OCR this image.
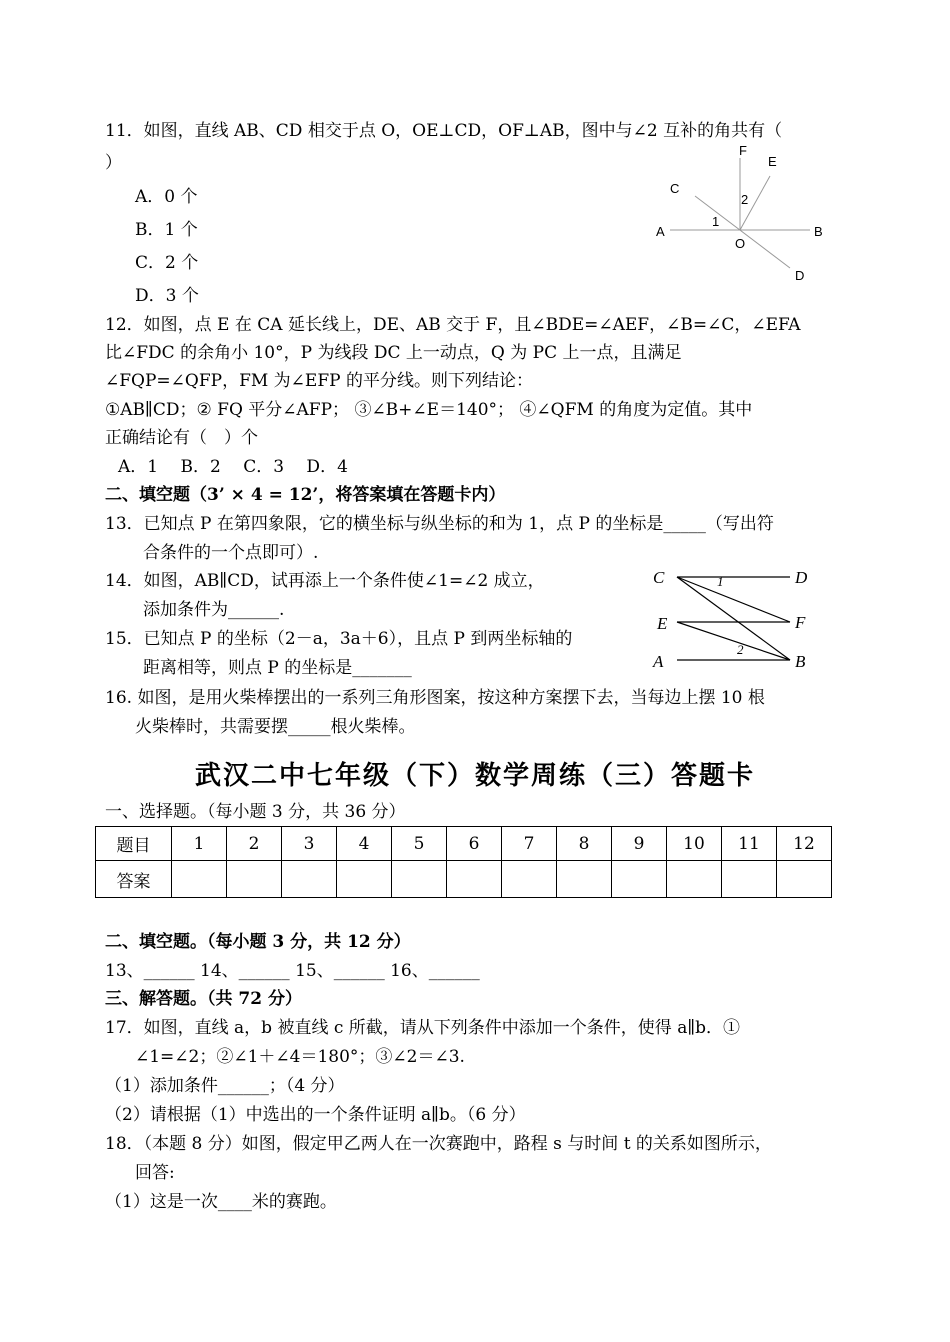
11．如图，直线 AB、CD 相交于点 O，OE⊥CD，OF⊥AB，图中与∠2 互补的角共有（
）
A．0 个
B．1 个
C．2 个
D．3 个
F
E
C
2
1
A	B
O
D
12．如图，点 E 在 CA 延长线上，DE、AB 交于 F，且∠BDE=∠AEF，∠B=∠C，∠EFA
比∠FDC 的余角小 10°，P 为线段 DC 上一动点，Q 为 PC 上一点，且满足
∠FQP=∠QFP，FM 为∠EFP 的平分线。则下列结论：
①AB∥CD；② FQ 平分∠AFP； ③∠B+∠E＝140°； ④∠QFM 的角度为定值。其中
正确结论有（　）个
A．1　 B．2　 C．3　 D．4
二、填空题（3’ × 4 = 12’，将答案填在答题卡内）
13．已知点 P 在第四象限，它的横坐标与纵坐标的和为 1，点 P 的坐标是_____（写出符
合条件的一个点即可）.
14．如图，AB∥CD，试再添上一个条件使∠1=∠2 成立，
添加条件为______.
C	1	D
E	F
2
A	B
15．已知点 P 的坐标（2－a，3a＋6），且点 P 到两坐标轴的
距离相等，则点 P 的坐标是_______
16. 如图，是用火柴棒摆出的一系列三角形图案，按这种方案摆下去，当每边上摆 10 根
火柴棒时，共需要摆_____根火柴棒。
武汉二中七年级（下）数学周练（三）答题卡
一、选择题。（每小题 3 分，共 36 分）
题目	1	2	3	4	5	6	7	8	9	10	11	12
答案												
二、填空题。（每小题 3 分，共 12 分）
13、______ 14、______ 15、______ 16、______
三、解答题。（共 72 分）
17．如图，直线 a，b 被直线 c 所截，请从下列条件中添加一个条件，使得 a∥b．①
∠1=∠2；②∠1＋∠4＝180°；③∠2＝∠3.
（1）添加条件______；（4 分）
（2）请根据（1）中选出的一个条件证明 a∥b。（6 分）
18．（本题 8 分）如图，假定甲乙两人在一次赛跑中，路程 s 与时间 t 的关系如图所示，
回答:
（1）这是一次____米的赛跑。
